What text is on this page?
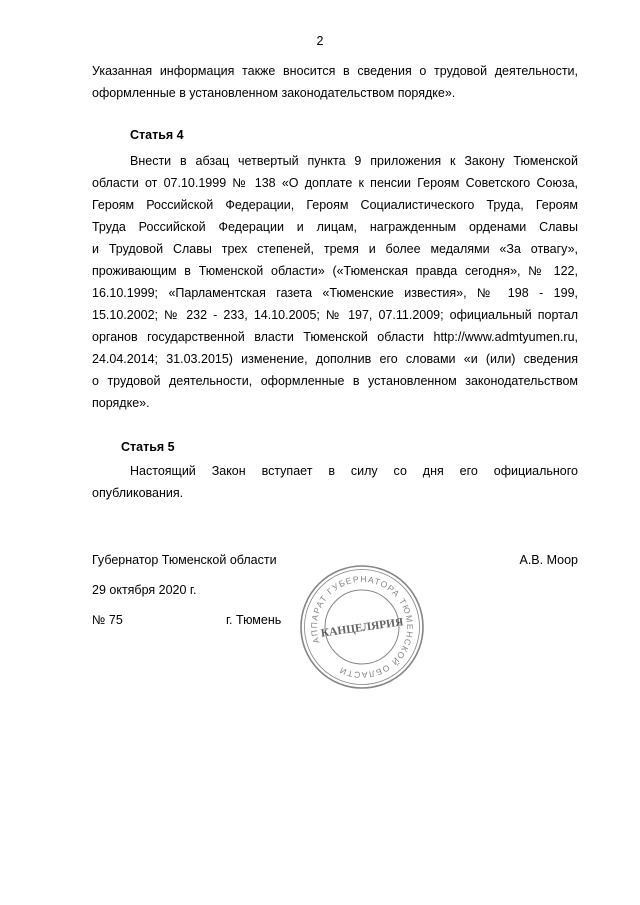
2
Указанная информация также вносится в сведения о трудовой деятельности,
оформленные в установленном законодательством порядке».
Статья 4
Внести в абзац четвертый пункта 9 приложения к Закону Тюменской
области от 07.10.1999 № 138 «О доплате к пенсии Героям Советского Союза,
Героям Российской Федерации, Героям Социалистического Труда, Героям
Труда Российской Федерации и лицам, награжденным орденами Славы
и Трудовой Славы трех степеней, тремя и более медалями «За отвагу»,
проживающим в Тюменской области» («Тюменская правда сегодня», № 122,
16.10.1999; «Парламентская газета «Тюменские известия», № 198 - 199,
15.10.2002; № 232 - 233, 14.10.2005; № 197, 07.11.2009; официальный портал
органов государственной власти Тюменской области http://www.admtyumen.ru,
24.04.2014; 31.03.2015) изменение, дополнив его словами «и (или) сведения
о трудовой деятельности, оформленные в установленном законодательством
порядке».
Статья 5
Настоящий Закон вступает в силу со дня его официального
опубликования.
Губернатор Тюменской области	А.В. Моор
29 октября 2020 г.
№ 75	г. Тюмень
АППАРАТ ГУБЕРНАТОРА ТЮМЕНСКОЙ ОБЛАСТИ
КАНЦЕЛЯРИЯ
